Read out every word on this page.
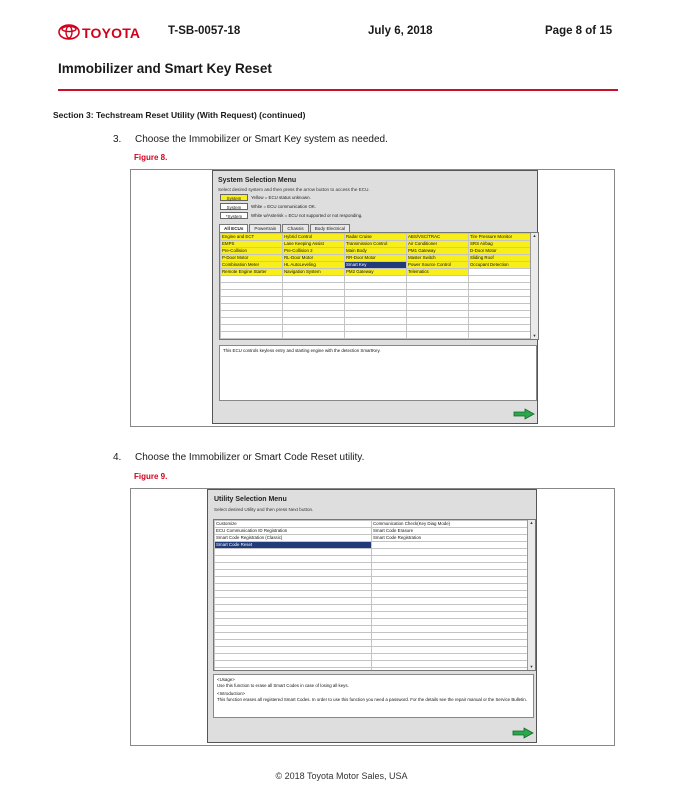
TOYOTA T-SB-0057-18	July 6, 2018	Page 8 of 15
Immobilizer and Smart Key Reset
Section 3: Techstream Reset Utility (With Request) (continued)
3. Choose the Immobilizer or Smart Key system as needed.
Figure 8.
System Selection Menu
Select desired system and then press the arrow button to access the ECU.
System	Yellow = ECU status unknown.
System	White = ECU communication OK.
*System	White w/Asterisk = ECU not supported or not responding.
All ECUs	Powertrain	Chassis	Body Electrical
Engine and ECT	Hybrid Control	Radar Cruise	ABS/VSC/TRAC	Tire Pressure Monitor
EMPS	Lane Keeping Assist	Transmission Control	Air Conditioner	SRS Airbag
Pre-Collision	Pre-Collision 2	Main Body	PM1 Gateway	D-Door Motor
P-Door Motor	RL-Door Motor	RR-Door Motor	Master Switch	Sliding Roof
Combination Meter	HL AutoLeveling	Smart Key	Power Source Control	Occupant Detection
Remote Engine Starter	Navigation System	PM2 Gateway	Telematics	

▲
▼

This ECU controls keyless entry and starting engine with the detection SmartKey.

4. Choose the Immobilizer or Smart Code Reset utility.
Figure 9.
Utility Selection Menu
Select desired Utility and then press Next button.
Customize	Communication Check(Key Diag Mode)
ECU Communication ID Registration	Smart Code Erasure
Smart Code Registration (Classic)	Smart Code Registration
Smart Code Reset	

▲
▼

<Usage>

Use this function to erase all Smart Codes in case of losing all keys.

<Introduction>

This function erases all registered Smart Codes. In order to use this function you need a password. For the details see the repair manual or the Service Bulletin.

© 2018 Toyota Motor Sales, USA
